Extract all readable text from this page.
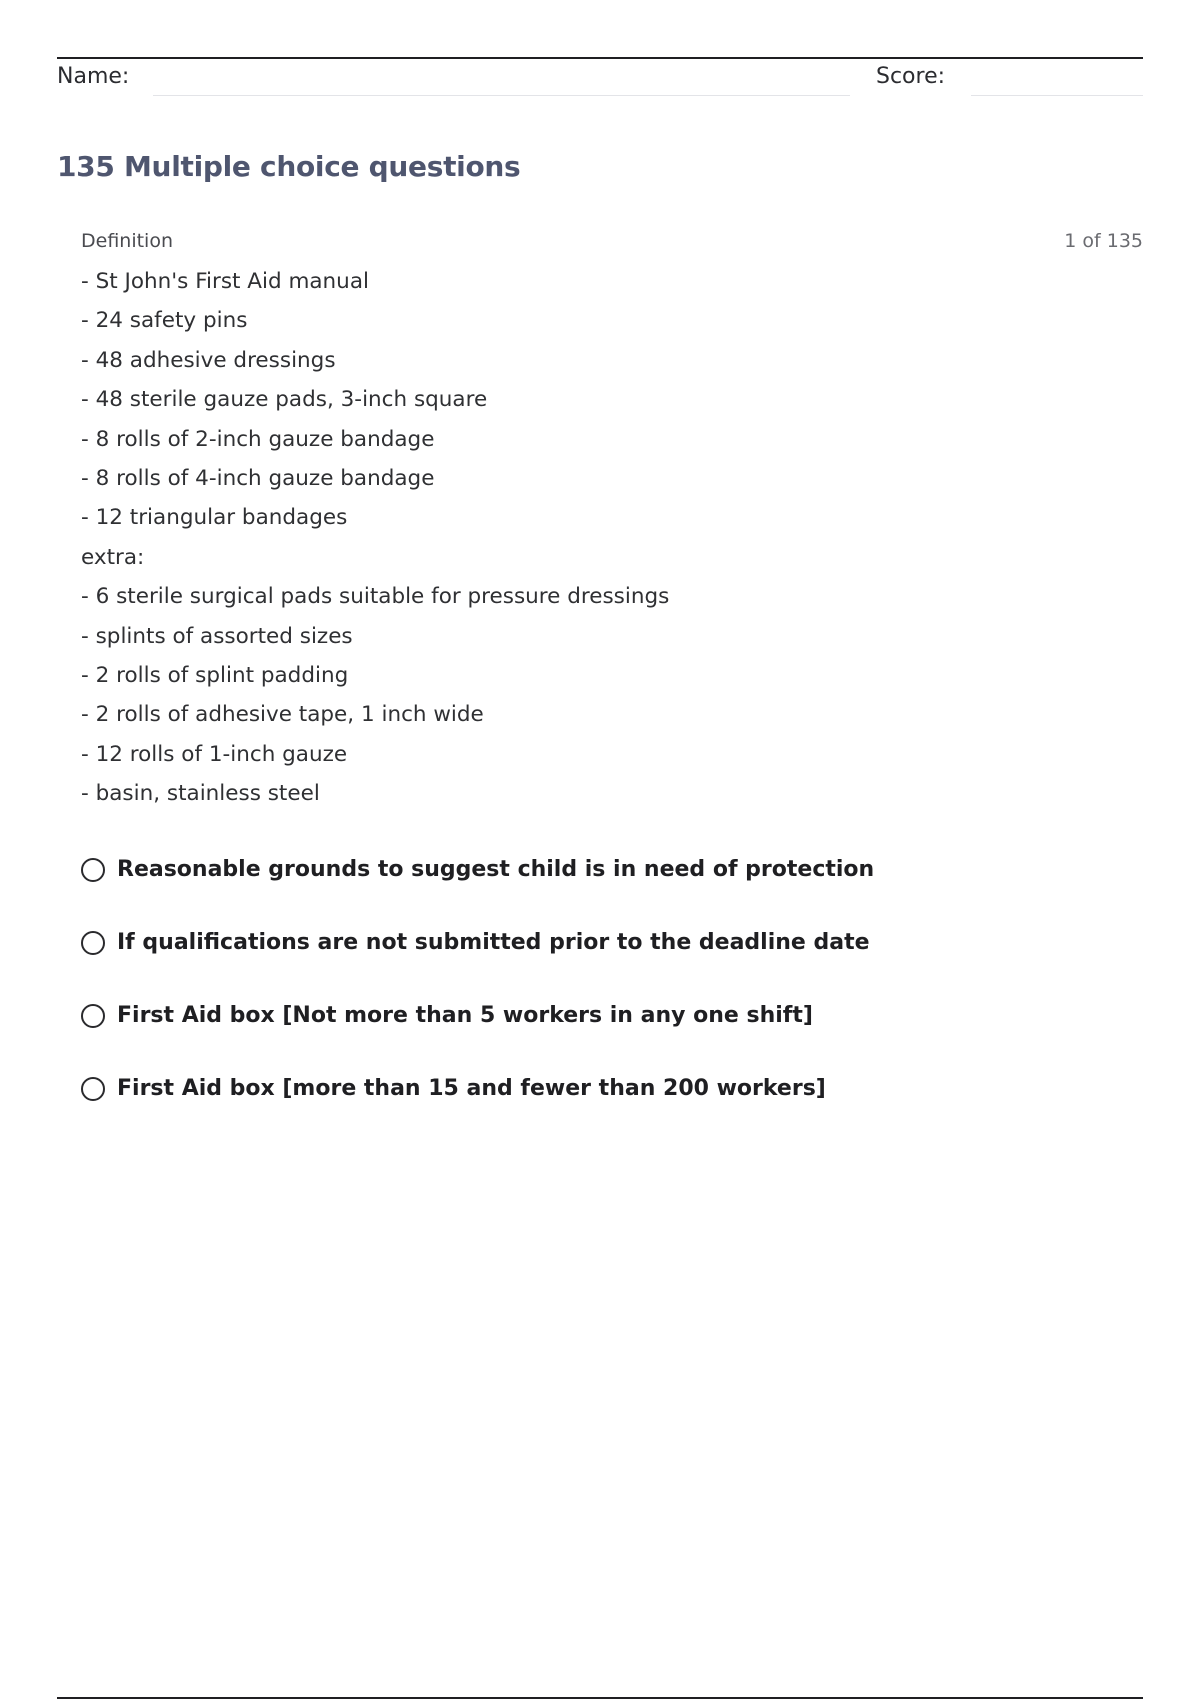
Name:	Score:
135 Multiple choice questions
Definition	1 of 135
- St John's First Aid manual
- 24 safety pins
- 48 adhesive dressings
- 48 sterile gauze pads, 3-inch square
- 8 rolls of 2-inch gauze bandage
- 8 rolls of 4-inch gauze bandage
- 12 triangular bandages
extra:
- 6 sterile surgical pads suitable for pressure dressings
- splints of assorted sizes
- 2 rolls of splint padding
- 2 rolls of adhesive tape, 1 inch wide
- 12 rolls of 1-inch gauze
- basin, stainless steel
Reasonable grounds to suggest child is in need of protection
If qualifications are not submitted prior to the deadline date
First Aid box [Not more than 5 workers in any one shift]
First Aid box [more than 15 and fewer than 200 workers]
